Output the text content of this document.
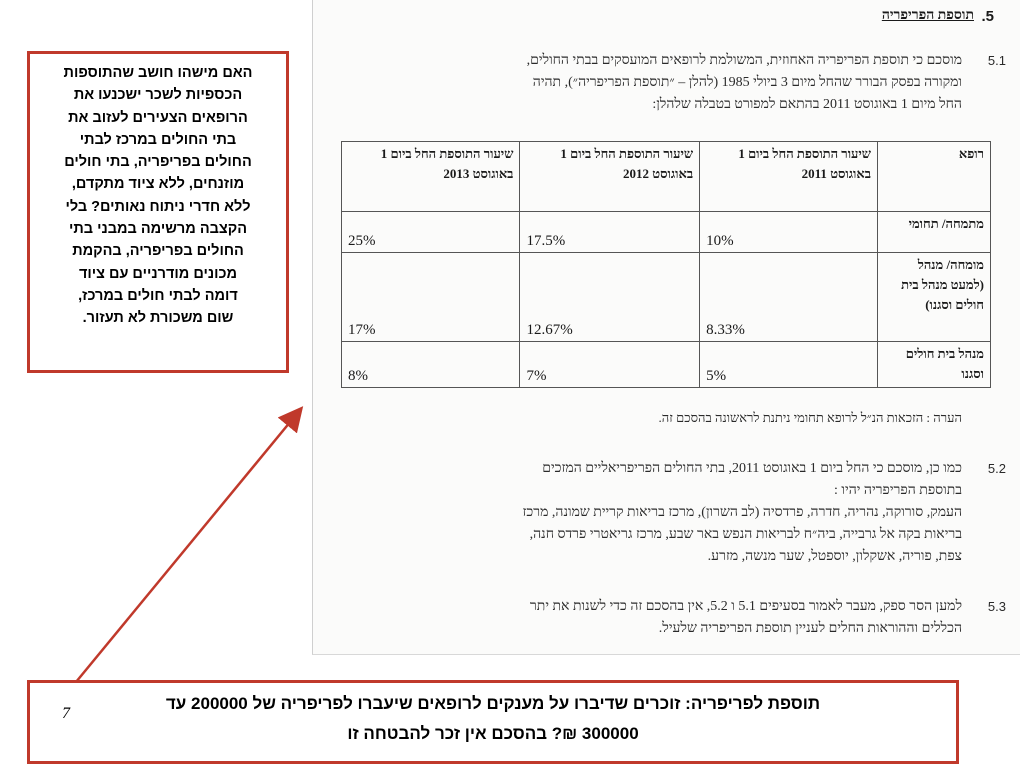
.5
תוספת הפריפריה
5.1
מוסכם כי תוספת הפריפריה האחוזית, המשולמת לרופאים המועסקים בבתי החולים,
ומקורה בפסק הבורר שהחל מיום 3 ביולי 1985 (להלן – ״תוספת הפריפריה״), תהיה
החל מיום 1 באוגוסט 2011 בהתאם למפורט בטבלה שלהלן:
רופא	שיעור התוספת החל ביום 1 באוגוסט 2011	שיעור התוספת החל ביום 1 באוגוסט 2012	שיעור התוספת החל ביום 1 באוגוסט 2013
מתמחה/ תחומי	10%	17.5%	25%
מומחה/ מנהל (למעט מנהל בית חולים וסגנו)	8.33%	12.67%	17%
מנהל בית חולים וסגנו	5%	7%	8%
הערה : הזכאות הנ״ל לרופא תחומי ניתנת לראשונה בהסכם זה.
5.2
כמו כן, מוסכם כי החל ביום 1 באוגוסט 2011, בתי החולים הפריפריאליים המזכים
בתוספת הפריפריה יהיו :
העמק, סורוקה, נהריה, חדרה, פרדסיה (לב השרון), מרכז בריאות קריית שמונה, מרכז
בריאות בקה אל גרבייה, ביה״ח לבריאות הנפש באר שבע, מרכז גריאטרי פרדס חנה,
צפת, פוריה, אשקלון, יוספטל, שער מנשה, מזרע.
5.3
למען הסר ספק, מעבר לאמור בסעיפים 5.1 ו 5.2, אין בהסכם זה כדי לשנות את יתר
הכללים וההוראות החלים לעניין תוספת הפריפריה שלעיל.
האם מישהו חושב שהתוספות
הכספיות לשכר ישכנעו את
הרופאים הצעירים לעזוב את
בתי החולים במרכז לבתי
החולים בפריפריה, בתי חולים
מוזנחים, ללא ציוד מתקדם,
ללא חדרי ניתוח נאותים? בלי
הקצבה מרשימה במבני בתי
החולים בפריפריה, בהקמת
מכונים מודרניים עם ציוד
דומה לבתי חולים במרכז,
שום משכורת לא תעזור.
תוספת לפריפריה: זוכרים שדיברו על מענקים לרופאים שיעברו לפריפריה של 200000 עד
300000 ₪? בהסכם אין זכר להבטחה זו
7
